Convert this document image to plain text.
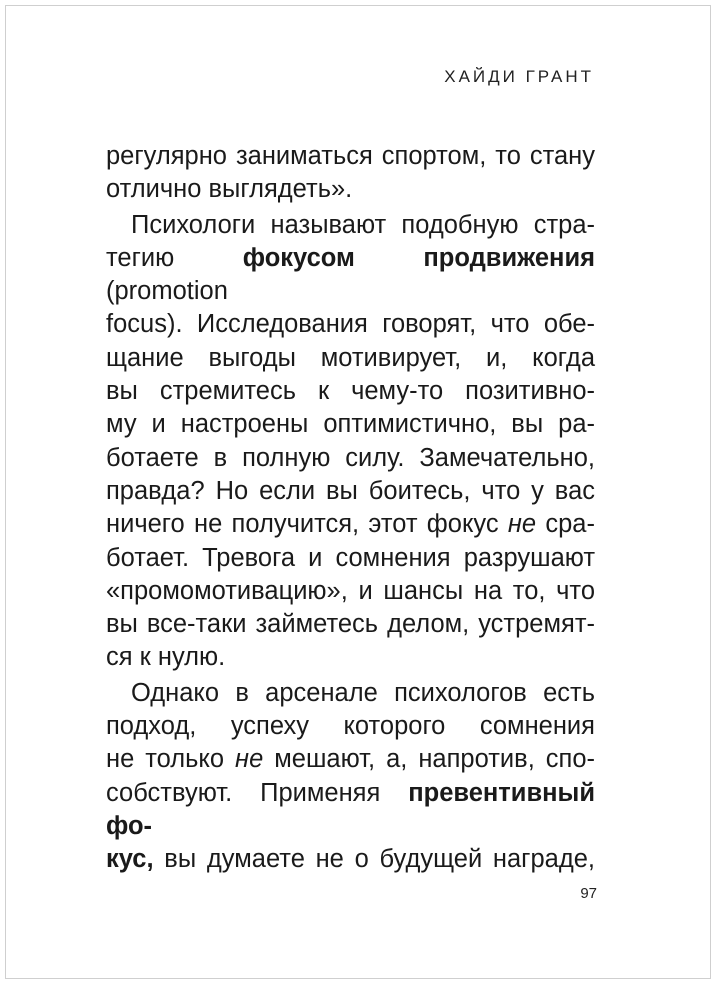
ХАЙДИ ГРАНТ
регулярно заниматься спортом, то стану
отлично выглядеть».
Психологи называют подобную стра-
тегию фокусом продвижения (promotion
focus). Исследования говорят, что обе-
щание выгоды мотивирует, и, когда
вы стремитесь к чему-то позитивно-
му и настроены оптимистично, вы ра-
ботаете в полную силу. Замечательно,
правда? Но если вы боитесь, что у вас
ничего не получится, этот фокус не сра-
ботает. Тревога и сомнения разрушают
«промомотивацию», и шансы на то, что
вы все-таки займетесь делом, устремят-
ся к нулю.
Однако в арсенале психологов есть
подход, успеху которого сомнения
не только не мешают, а, напротив, спо-
собствуют. Применяя превентивный фо-
кус, вы думаете не о будущей награде,
97
